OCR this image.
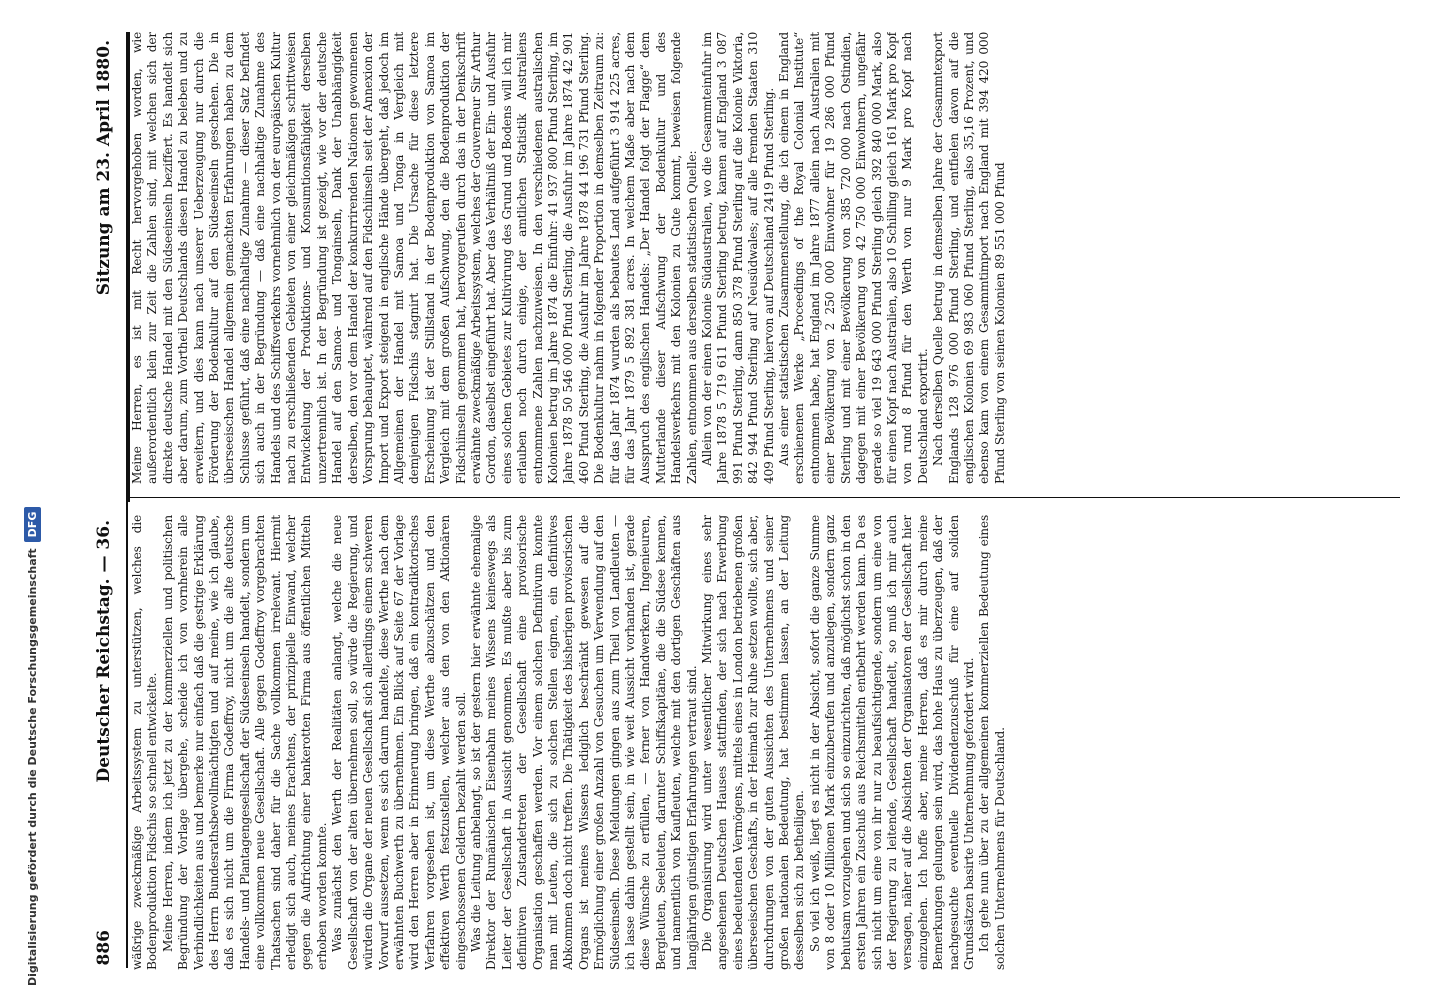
886
Deutscher Reichstag. — 36.
Sitzung am 23. April 1880.

wäßrige zweckmäßige Arbeitssystem zu unterstützen, welches die Bodenproduktion Fidschis so schnell entwickelte. Meine Herren, indem ich jetzt zu der kommerziellen und politischen Begründung der Vorlage übergehe, scheide ich von vornherein alle Verbindlichkeiten aus und bemerke nur einfach daß die gestrige Erklärung des Herrn Bundesrathsbevollmächtigten und auf meine, wie ich glaube, daß es sich nicht um die Firma Godeffroy, nicht um die alte deutsche Handels- und Plantagengesellschaft der Südseeinseln handelt, sondern um eine vollkommen neue Gesellschaft. Alle gegen Godeffroy vorgebrachten Thatsachen sind daher für die Sache vollkommen irrelevant. Hiermit erledigt sich auch, meines Erachtens, der prinzipielle Einwand, welcher gegen die Aufrichtung einer bankerotten Firma aus öffentlichen Mitteln erhoben worden konnte. Was zunächst den Werth der Realitäten anlangt, welche die neue Gesellschaft von der alten übernehmen soll, so würde die Regierung, und würden die Organe der neuen Gesellschaft sich allerdings einem schweren Vorwurf aussetzen, wenn es sich darum handelte, diese Werthe nach dem erwähnten Buchwerth zu übernehmen. Ein Blick auf Seite 67 der Vorlage wird den Herren aber in Erinnerung bringen, daß ein kontradiktorisches Verfahren vorgesehen ist, um diese Werthe abzuschätzen und den effektiven Werth festzustellen, welcher aus den von den Aktionären eingeschossenen Geldern bezahlt werden soll. Was die Leitung anbelangt, so ist der gestern hier erwähnte ehemalige Direktor der Rumänischen Eisenbahn meines Wissens keineswegs als Leiter der Gesellschaft in Aussicht genommen. Es mußte aber bis zum definitiven Zustandetreten der Gesellschaft eine provisorische Organisation geschaffen werden. Vor einem solchen Definitivum konnte man mit Leuten, die sich zu solchen Stellen eignen, ein definitives Abkommen doch nicht treffen. Die Thätigkeit des bisherigen provisorischen Organs ist meines Wissens lediglich beschränkt gewesen auf die Ermöglichung einer großen Anzahl von Gesuchen um Verwendung auf den Südseeinseln. Diese Meldungen gingen aus zum Theil von Landleuten — ich lasse dahin gestellt sein, in wie weit Aussicht vorhanden ist, gerade diese Wünsche zu erfüllen, — ferner von Handwerkern, Ingenieuren, Bergleuten, Seeleuten, darunter Schiffskapitäne, die die Südsee kennen, und namentlich von Kaufleuten, welche mit den dortigen Geschäften aus langjährigen günstigen Erfahrungen vertraut sind. Die Organisirung wird unter wesentlicher Mitwirkung eines sehr angesehenen Deutschen Hauses stattfinden, der sich nach Erwerbung eines bedeutenden Vermögens, mittels eines in London betriebenen großen überseeischen Geschäfts, in der Heimath zur Ruhe setzen wollte, sich aber, durchdrungen von der guten Aussichten des Unternehmens und seiner großen nationalen Bedeutung, hat bestimmen lassen, an der Leitung desselben sich zu betheiligen. So viel ich weiß, liegt es nicht in der Absicht, sofort die ganze Summe von 8 oder 10 Millionen Mark einzuberufen und anzulegen, sondern ganz behutsam vorzugehen und sich so einzurichten, daß möglichst schon in den ersten Jahren ein Zuschuß aus Reichsmitteln entbehrt werden kann. Da es sich nicht um eine von ihr nur zu beaufsichtigende, sondern um eine von der Regierung zu leitende, Gesellschaft handelt, so muß ich mir auch versagen, näher auf die Absichten der Organisatoren der Gesellschaft hier einzugehen. Ich hoffe aber, meine Herren, daß es mir durch meine Bemerkungen gelungen sein wird, das hohe Haus zu überzeugen, daß der nachgesuchte eventuelle Dividendenzuschuß für eine auf soliden Grundsätzen basirte Unternehmung gefordert wird. Ich gehe nun über zu der allgemeinen kommerziellen Bedeutung eines solchen Unternehmens für Deutschland.

Meine Herren, es ist mit Recht hervorgehoben worden, wie außerordentlich klein zur Zeit die Zahlen sind, mit welchen sich der direkte deutsche Handel mit den Südseeinseln beziffert. Es handelt sich aber darum, zum Vortheil Deutschlands diesen Handel zu beleben und zu erweitern, und dies kann nach unserer Ueberzeugung nur durch die Förderung der Bodenkultur auf den Südseeinseln geschehen. Die in überseeischen Handel allgemein gemachten Erfahrungen haben zu dem Schlusse geführt, daß eine nachhaltige Zunahme — dieser Satz befindet sich auch in der Begründung — daß eine nachhaltige Zunahme des Handels und des Schiffsverkehrs vornehmlich von der europäischen Kultur nach zu erschließenden Gebieten von einer gleichmäßigen schrittweisen Entwickelung der Produktions- und Konsumtionsfähigkeit derselben unzertrennlich ist. In der Begründung ist gezeigt, wie vor der deutsche Handel auf den Samoa- und Tongainseln, Dank der Unabhängigkeit derselben, den vor dem Handel der konkurrirenden Nationen gewonnenen Vorsprung behauptet, während auf den Fidschiinseln seit der Annexion der Import und Export steigend in englische Hände übergeht, daß jedoch im Allgemeinen der Handel mit Samoa und Tonga in Vergleich mit demjenigen Fidschis stagnirt hat. Die Ursache für diese letztere Erscheinung ist der Stillstand in der Bodenproduktion von Samoa im Vergleich mit dem großen Aufschwung, den die Bodenproduktion der Fidschiinseln genommen hat, hervorgerufen durch das in der Denkschrift erwähnte zweckmäßige Arbeitssystem, welches der Gouverneur Sir Arthur Gordon, daselbst eingeführt hat. Aber das Verhältniß der Ein- und Ausfuhr eines solchen Gebietes zur Kultivirung des Grund und Bodens will ich mir erlauben noch durch einige, der amtlichen Statistik Australiens entnommene Zahlen nachzuweisen. In den verschiedenen australischen Kolonien betrug im Jahre 1874 die Einfuhr: 41 937 800 Pfund Sterling, im Jahre 1878 50 546 000 Pfund Sterling, die Ausfuhr im Jahre 1874 42 901 460 Pfund Sterling, die Ausfuhr im Jahre 1878 44 196 731 Pfund Sterling. Die Bodenkultur nahm in folgender Proportion in demselben Zeitraum zu: für das Jahr 1874 wurden als bebautes Land aufgeführt 3 914 225 acres, für das Jahr 1879 5 892 381 acres. In welchem Maße aber nach dem Ausspruch des englischen Handels: „Der Handel folgt der Flagge“ dem Mutterlande dieser Aufschwung der Bodenkultur und des Handelsverkehrs mit den Kolonien zu Gute kommt, beweisen folgende Zahlen, entnommen aus derselben statistischen Quelle: Allein von der einen Kolonie Südaustralien, wo die Gesammteinfuhr im Jahre 1878 5 719 611 Pfund Sterling betrug, kamen auf England 3 087 991 Pfund Sterling, dann 850 378 Pfund Sterling auf die Kolonie Viktoria, 842 944 Pfund Sterling auf Neusüdwales; auf alle fremden Staaten 310 409 Pfund Sterling, hiervon auf Deutschland 2419 Pfund Sterling. Aus einer statistischen Zusammenstellung, die ich einem in England erschienenen Werke „Proceedings of the Royal Colonial Institute“ entnommen habe, hat England im Jahre 1877 allein nach Australien mit einer Bevölkerung von 2 250 000 Einwohner für 19 286 000 Pfund Sterling und mit einer Bevölkerung von 385 720 000 nach Ostindien, dagegen mit einer Bevölkerung von 42 750 000 Einwohnern, ungefähr gerade so viel 19 643 000 Pfund Sterling gleich 392 840 000 Mark, also für einen Kopf nach Australien, also 10 Schilling gleich 161 Mark pro Kopf von rund 8 Pfund für den Werth von nur 9 Mark pro Kopf nach Deutschland exportirt. Nach derselben Quelle betrug in demselben Jahre der Gesammtexport Englands 128 976 000 Pfund Sterling, und entfielen davon auf die englischen Kolonien 69 983 060 Pfund Sterling, also 35,16 Prozent, und ebenso kam von einem Gesammtimport nach England mit 394 420 000 Pfund Sterling von seinen Kolonien 89 551 000 Pfund

Digitalisierung gefördert durch die Deutsche Forschungsgemeinschaft
DFG
